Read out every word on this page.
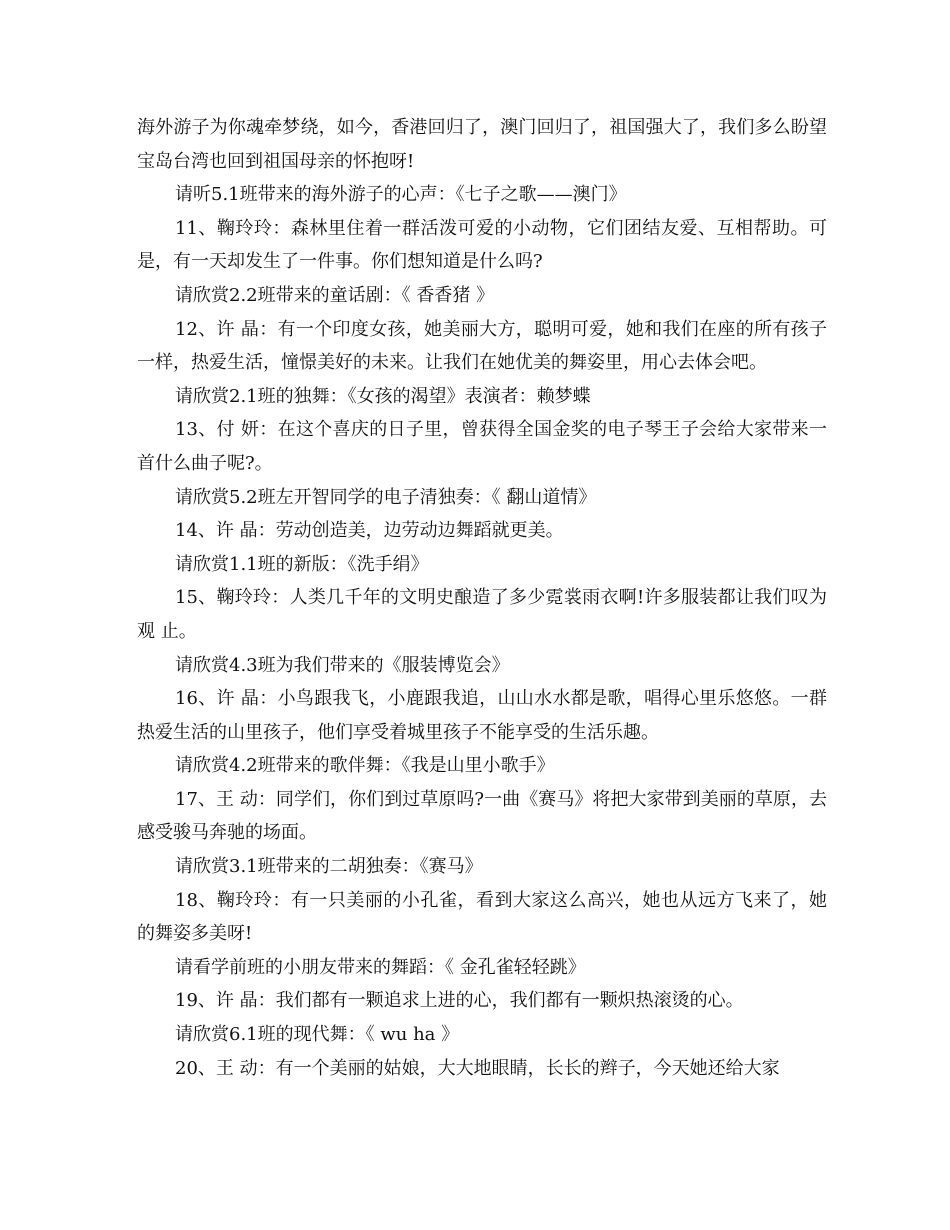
海外游子为你魂牵梦绕，如今，香港回归了，澳门回归了，祖国强大了，我们多么盼望宝岛台湾也回到祖国母亲的怀抱呀!

请听5.1班带来的海外游子的心声：《七子之歌——澳门》

11、鞠玲玲：森林里住着一群活泼可爱的小动物，它们团结友爱、互相帮助。可是，有一天却发生了一件事。你们想知道是什么吗?

请欣赏2.2班带来的童话剧：《 香香猪 》

12、许 晶：有一个印度女孩，她美丽大方，聪明可爱，她和我们在座的所有孩子一样，热爱生活，憧憬美好的未来。让我们在她优美的舞姿里，用心去体会吧。

请欣赏2.1班的独舞：《女孩的渴望》表演者：赖梦蝶

13、付 妍：在这个喜庆的日子里，曾获得全国金奖的电子琴王子会给大家带来一首什么曲子呢?。

请欣赏5.2班左开智同学的电子清独奏：《 翻山道情》

14、许 晶：劳动创造美，边劳动边舞蹈就更美。

请欣赏1.1班的新版：《洗手绢》

15、鞠玲玲：人类几千年的文明史酿造了多少霓裳雨衣啊!许多服装都让我们叹为观 止。

请欣赏4.3班为我们带来的《服装博览会》

16、许 晶：小鸟跟我飞，小鹿跟我追，山山水水都是歌，唱得心里乐悠悠。一群热爱生活的山里孩子，他们享受着城里孩子不能享受的生活乐趣。

请欣赏4.2班带来的歌伴舞：《我是山里小歌手》

17、王 动：同学们，你们到过草原吗?一曲《赛马》将把大家带到美丽的草原，去感受骏马奔驰的场面。

请欣赏3.1班带来的二胡独奏：《赛马》

18、鞠玲玲：有一只美丽的小孔雀，看到大家这么高兴，她也从远方飞来了，她的舞姿多美呀!

请看学前班的小朋友带来的舞蹈：《 金孔雀轻轻跳》

19、许 晶：我们都有一颗追求上进的心，我们都有一颗炽热滚烫的心。

请欣赏6.1班的现代舞：《 wu ha 》

20、王 动：有一个美丽的姑娘，大大地眼睛，长长的辫子，今天她还给大家
